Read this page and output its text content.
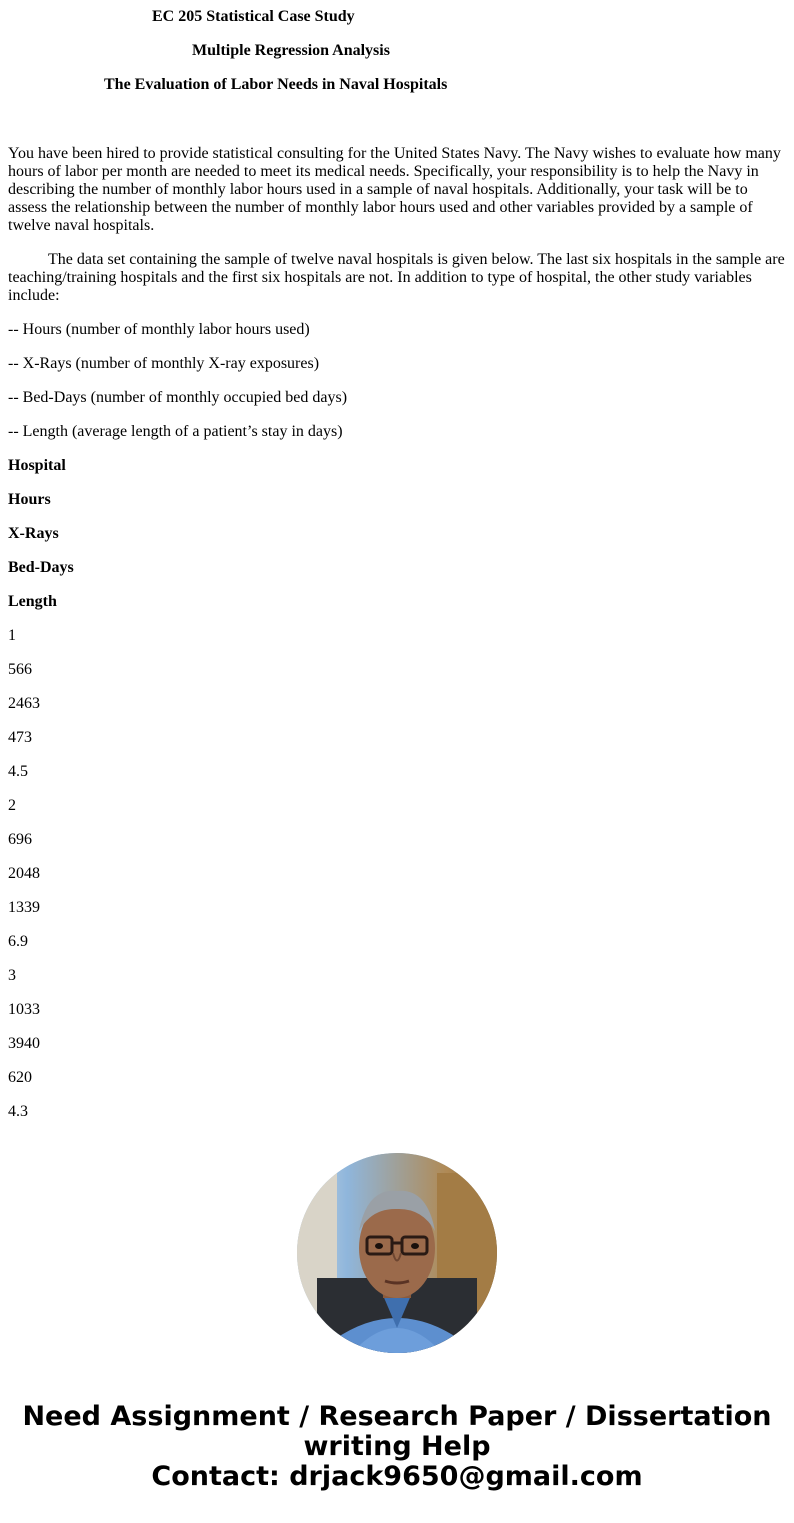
EC 205 Statistical Case Study
Multiple Regression Analysis
The Evaluation of Labor Needs in Naval Hospitals
You have been hired to provide statistical consulting for the United States Navy. The Navy wishes to evaluate how many hours of labor per month are needed to meet its medical needs. Specifically, your responsibility is to help the Navy in describing the number of monthly labor hours used in a sample of naval hospitals. Additionally, your task will be to assess the relationship between the number of monthly labor hours used and other variables provided by a sample of twelve naval hospitals.
The data set containing the sample of twelve naval hospitals is given below. The last six hospitals in the sample are teaching/training hospitals and the first six hospitals are not. In addition to type of hospital, the other study variables include:
-- Hours (number of monthly labor hours used)
-- X-Rays (number of monthly X-ray exposures)
-- Bed-Days (number of monthly occupied bed days)
-- Length (average length of a patient’s stay in days)
Hospital
Hours
X-Rays
Bed-Days
Length
1
566
2463
473
4.5
2
696
2048
1339
6.9
3
1033
3940
620
4.3
Need Assignment / Research Paper / Dissertation
writing Help
Contact: drjack9650@gmail.com
